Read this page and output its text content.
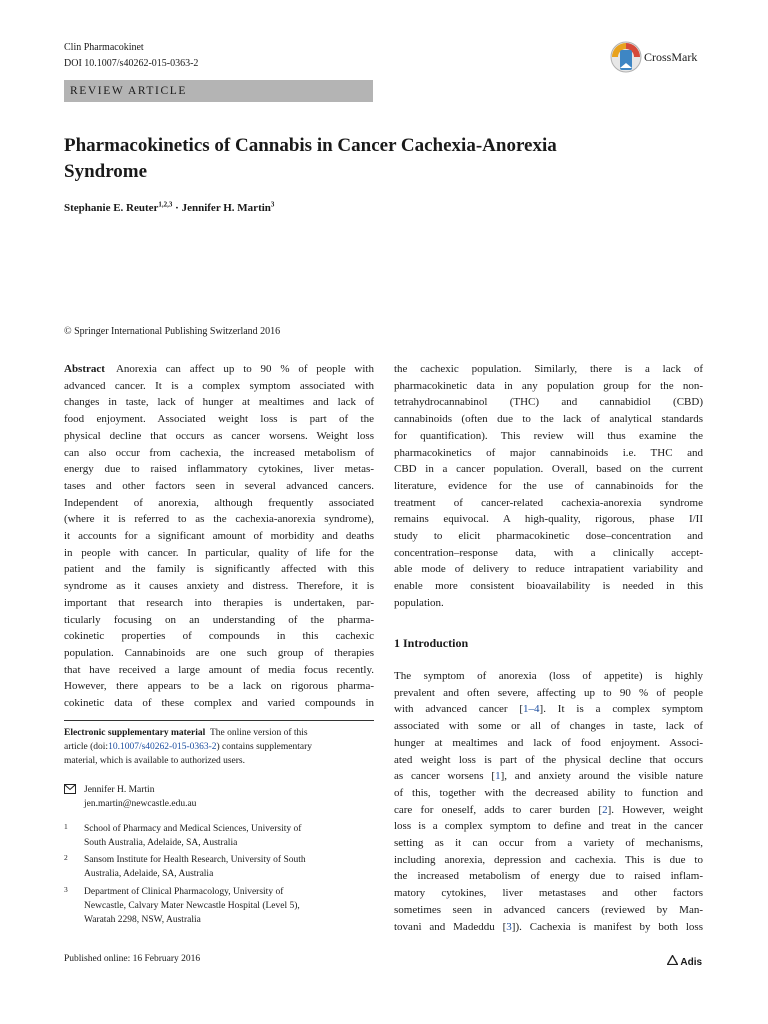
Clin Pharmacokinet
DOI 10.1007/s40262-015-0363-2	CrossMark
REVIEW ARTICLE
Pharmacokinetics of Cannabis in Cancer Cachexia-Anorexia
Syndrome
Stephanie E. Reuter$^{1,2,3}$ · Jennifer H. Martin$^3$
© Springer International Publishing Switzerland 2016
Abstract   Anorexia can affect up to 90 % of people with
advanced cancer. It is a complex symptom associated with
changes in taste, lack of hunger at mealtimes and lack of
food enjoyment. Associated weight loss is part of the
physical decline that occurs as cancer worsens. Weight loss
can also occur from cachexia, the increased metabolism of
energy due to raised inflammatory cytokines, liver metas-
tases and other factors seen in several advanced cancers.
Independent of anorexia, although frequently associated
(where it is referred to as the cachexia-anorexia syndrome),
it accounts for a significant amount of morbidity and deaths
in people with cancer. In particular, quality of life for the
patient and the family is significantly affected with this
syndrome as it causes anxiety and distress. Therefore, it is
important that research into therapies is undertaken, par-
ticularly focusing on an understanding of the pharma-
cokinetic properties of compounds in this cachexic
population. Cannabinoids are one such group of therapies
that have received a large amount of media focus recently.
However, there appears to be a lack on rigorous pharma-
cokinetic data of these complex and varied compounds in
the cachexic population. Similarly, there is a lack of
pharmacokinetic data in any population group for the non-
tetrahydrocannabinol (THC) and cannabidiol (CBD)
cannabinoids (often due to the lack of analytical standards
for quantification). This review will thus examine the
pharmacokinetics of major cannabinoids i.e. THC and
CBD in a cancer population. Overall, based on the current
literature, evidence for the use of cannabinoids for the
treatment of cancer-related cachexia-anorexia syndrome
remains equivocal. A high-quality, rigorous, phase I/II
study to elicit pharmacokinetic dose–concentration and
concentration–response data, with a clinically accept-
able mode of delivery to reduce intrapatient variability and
enable more consistent bioavailability is needed in this
population.
1 Introduction
The symptom of anorexia (loss of appetite) is highly
prevalent and often severe, affecting up to 90 % of people
with advanced cancer [1–4]. It is a complex symptom
associated with some or all of changes in taste, lack of
hunger at mealtimes and lack of food enjoyment. Associ-
ated weight loss is part of the physical decline that occurs
as cancer worsens [1], and anxiety around the visible nature
of this, together with the decreased ability to function and
care for oneself, adds to carer burden [2]. However, weight
loss is a complex symptom to define and treat in the cancer
setting as it can occur from a variety of mechanisms,
including anorexia, depression and cachexia. This is due to
the increased metabolism of energy due to raised inflam-
matory cytokines, liver metastases and other factors
sometimes seen in advanced cancers (reviewed by Man-
tovani and Madeddu [3]). Cachexia is manifest by both loss
Electronic supplementary material The online version of this
article (doi:10.1007/s40262-015-0363-2) contains supplementary
material, which is available to authorized users.
Jennifer H. Martin
jen.martin@newcastle.edu.au
1 School of Pharmacy and Medical Sciences, University of
South Australia, Adelaide, SA, Australia
2 Sansom Institute for Health Research, University of South
Australia, Adelaide, SA, Australia
3 Department of Clinical Pharmacology, University of
Newcastle, Calvary Mater Newcastle Hospital (Level 5),
Waratah 2298, NSW, Australia
Published online: 16 February 2016	Adis
